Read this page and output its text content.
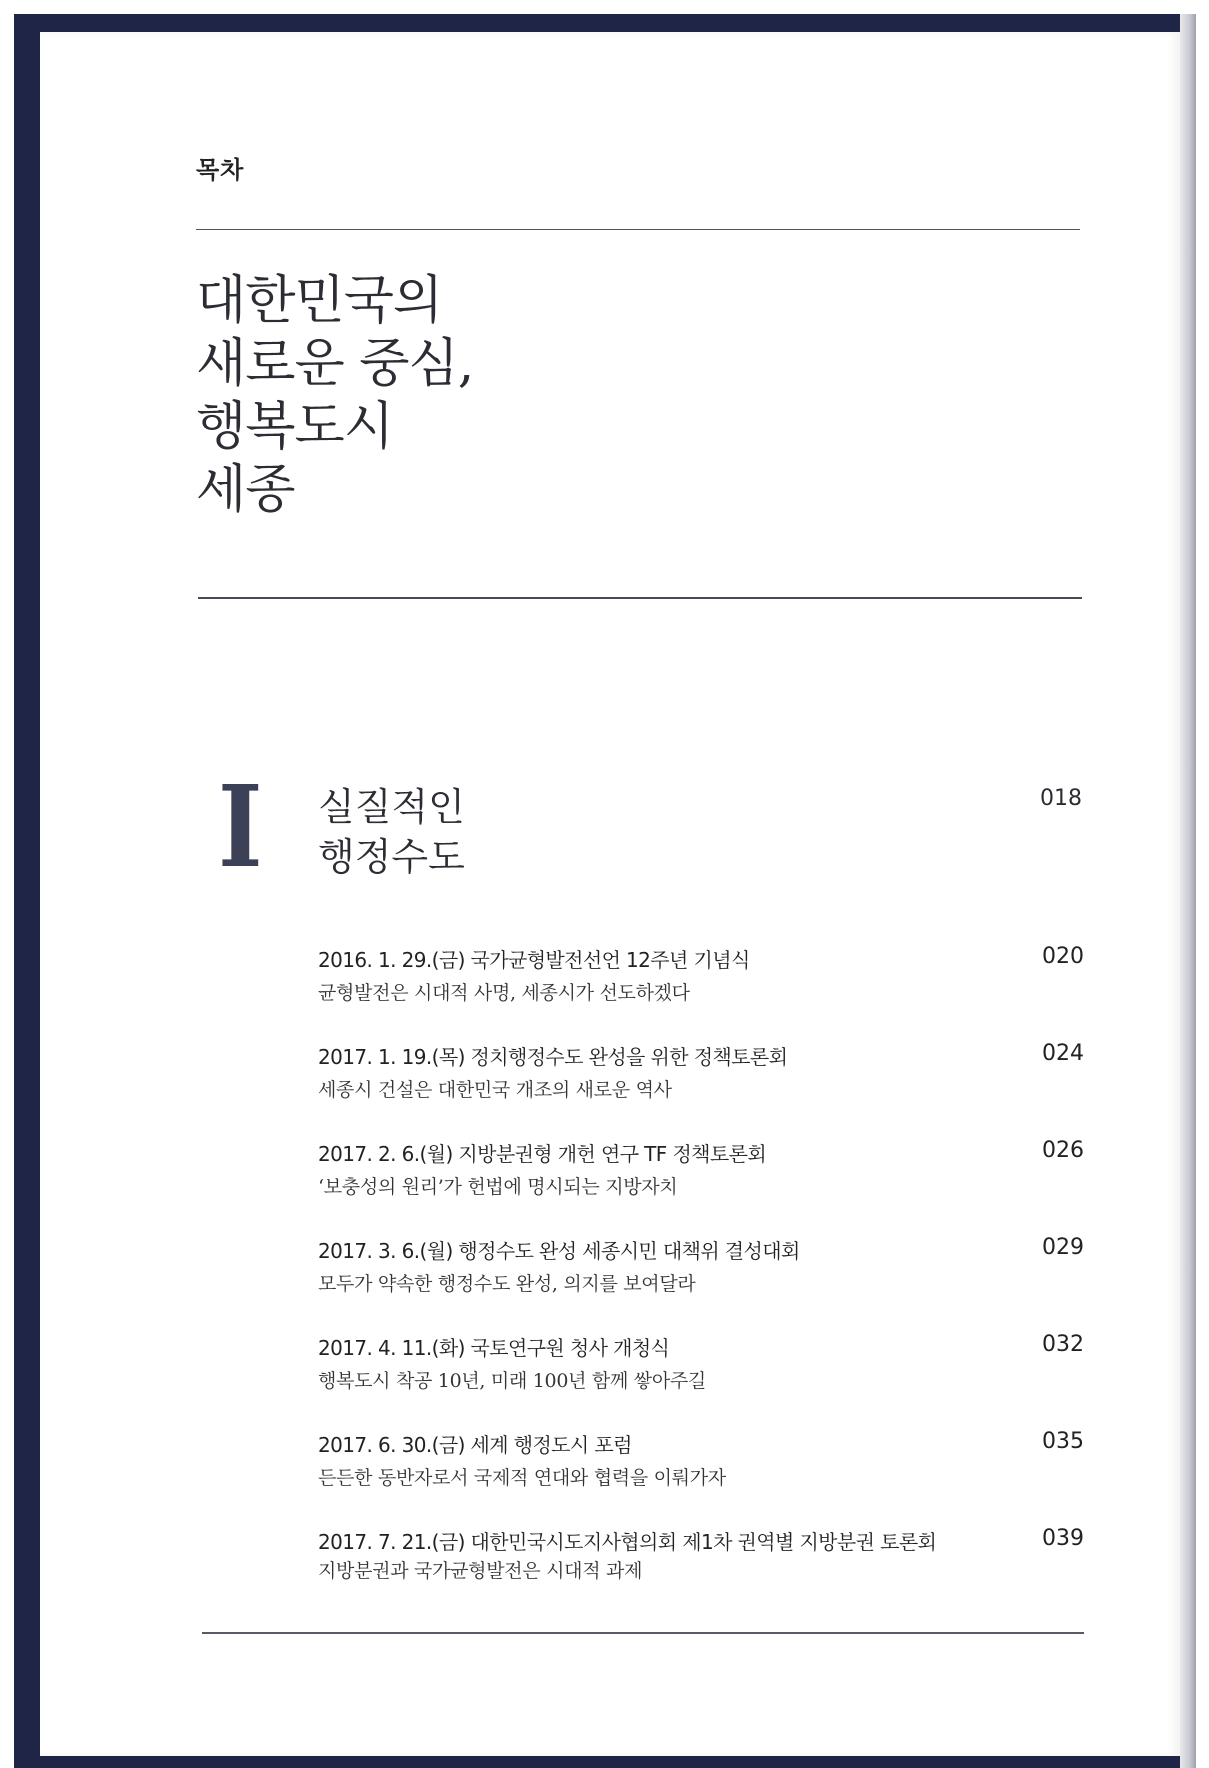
목차
대한민국의
새로운 중심,
행복도시
세종
I 실질적인
행정수도
018
2016. 1. 29.(금) 국가균형발전선언 12주년 기념식
균형발전은 시대적 사명, 세종시가 선도하겠다
020
2017. 1. 19.(목) 정치행정수도 완성을 위한 정책토론회
세종시 건설은 대한민국 개조의 새로운 역사
024
2017. 2. 6.(월) 지방분권형 개헌 연구 TF 정책토론회
‘보충성의 원리’가 헌법에 명시되는 지방자치
026
2017. 3. 6.(월) 행정수도 완성 세종시민 대책위 결성대회
모두가 약속한 행정수도 완성, 의지를 보여달라
029
2017. 4. 11.(화) 국토연구원 청사 개청식
행복도시 착공 10년, 미래 100년 함께 쌓아주길
032
2017. 6. 30.(금) 세계 행정도시 포럼
든든한 동반자로서 국제적 연대와 협력을 이뤄가자
035
2017. 7. 21.(금) 대한민국시도지사협의회 제1차 권역별 지방분권 토론회
지방분권과 국가균형발전은 시대적 과제
039
